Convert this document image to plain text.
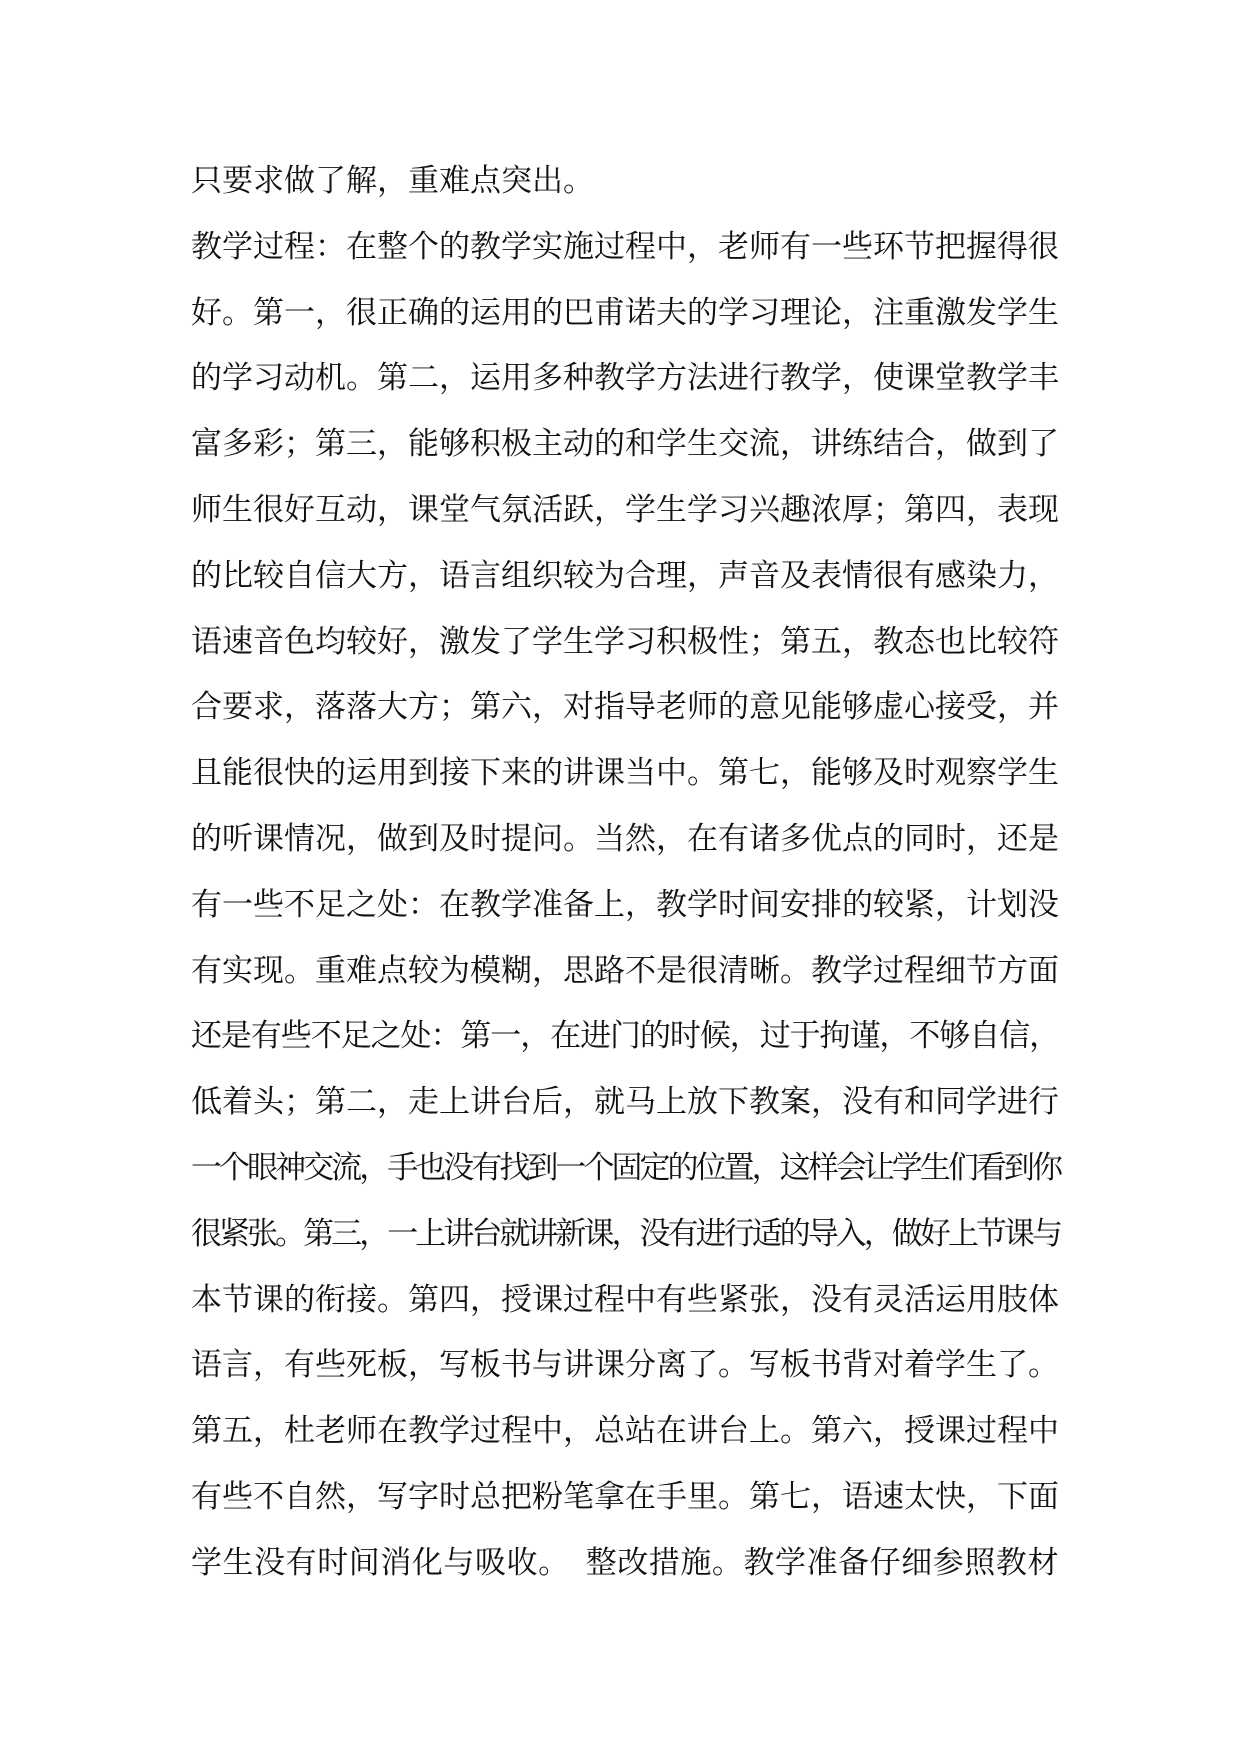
只要求做了解，重难点突出。
教学过程：在整个的教学实施过程中，老师有一些环节把握得很
好。第一，很正确的运用的巴甫诺夫的学习理论，注重激发学生
的学习动机。第二，运用多种教学方法进行教学，使课堂教学丰
富多彩；第三，能够积极主动的和学生交流，讲练结合，做到了
师生很好互动，课堂气氛活跃，学生学习兴趣浓厚；第四，表现
的比较自信大方，语言组织较为合理，声音及表情很有感染力，
语速音色均较好，激发了学生学习积极性；第五，教态也比较符
合要求，落落大方；第六，对指导老师的意见能够虚心接受，并
且能很快的运用到接下来的讲课当中。第七，能够及时观察学生
的听课情况，做到及时提问。当然，在有诸多优点的同时，还是
有一些不足之处：在教学准备上，教学时间安排的较紧，计划没
有实现。重难点较为模糊，思路不是很清晰。教学过程细节方面
还是有些不足之处：第一，在进门的时候，过于拘谨，不够自信，
低着头；第二，走上讲台后，就马上放下教案，没有和同学进行
一个眼神交流，手也没有找到一个固定的位置，这样会让学生们看到你
很紧张。第三，一上讲台就讲新课，没有进行适的导入，做好上节课与
本节课的衔接。第四，授课过程中有些紧张，没有灵活运用肢体
语言，有些死板，写板书与讲课分离了。写板书背对着学生了。
第五，杜老师在教学过程中，总站在讲台上。第六，授课过程中
有些不自然，写字时总把粉笔拿在手里。第七，语速太快，下面
学生没有时间消化与吸收。　整改措施。教学准备仔细参照教材
